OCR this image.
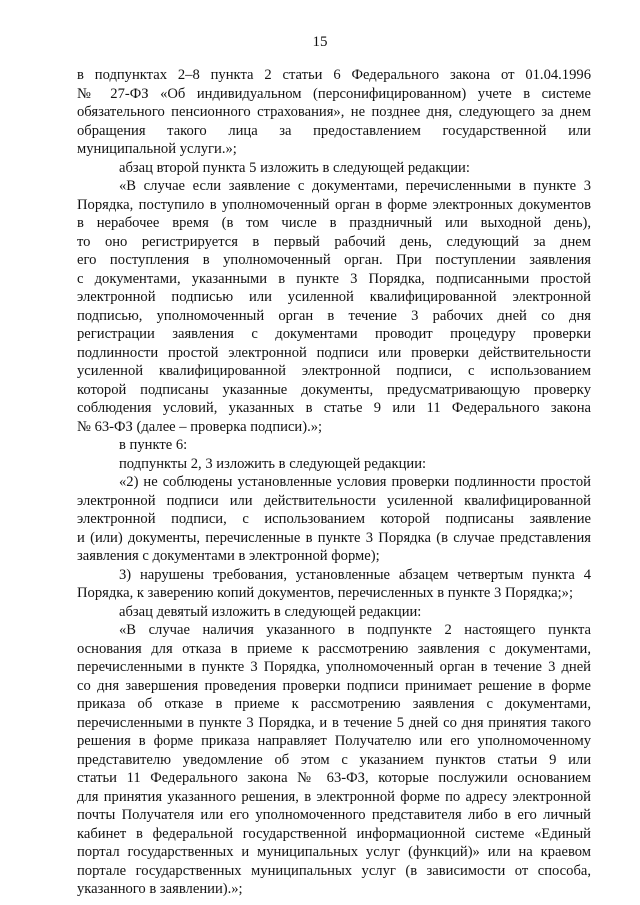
15
в подпунктах 2–8 пункта 2 статьи 6 Федерального закона от 01.04.1996
№ 27-ФЗ «Об индивидуальном (персонифицированном) учете в системе
обязательного пенсионного страхования», не позднее дня, следующего за днем
обращения такого лица за предоставлением государственной или
муниципальной услуги.»;
абзац второй пункта 5 изложить в следующей редакции:
«В случае если заявление с документами, перечисленными в пункте 3
Порядка, поступило в уполномоченный орган в форме электронных документов
в нерабочее время (в том числе в праздничный или выходной день),
то оно регистрируется в первый рабочий день, следующий за днем
его поступления в уполномоченный орган. При поступлении заявления
с документами, указанными в пункте 3 Порядка, подписанными простой
электронной подписью или усиленной квалифицированной электронной
подписью, уполномоченный орган в течение 3 рабочих дней со дня
регистрации заявления с документами проводит процедуру проверки
подлинности простой электронной подписи или проверки действительности
усиленной квалифицированной электронной подписи, с использованием
которой подписаны указанные документы, предусматривающую проверку
соблюдения условий, указанных в статье 9 или 11 Федерального закона
№ 63-ФЗ (далее – проверка подписи).»;
в пункте 6:
подпункты 2, 3 изложить в следующей редакции:
«2) не соблюдены установленные условия проверки подлинности простой
электронной подписи или действительности усиленной квалифицированной
электронной подписи, с использованием которой подписаны заявление
и (или) документы, перечисленные в пункте 3 Порядка (в случае представления
заявления с документами в электронной форме);
3) нарушены требования, установленные абзацем четвертым пункта 4
Порядка, к заверению копий документов, перечисленных в пункте 3 Порядка;»;
абзац девятый изложить в следующей редакции:
«В случае наличия указанного в подпункте 2 настоящего пункта
основания для отказа в приеме к рассмотрению заявления с документами,
перечисленными в пункте 3 Порядка, уполномоченный орган в течение 3 дней
со дня завершения проведения проверки подписи принимает решение в форме
приказа об отказе в приеме к рассмотрению заявления с документами,
перечисленными в пункте 3 Порядка, и в течение 5 дней со дня принятия такого
решения в форме приказа направляет Получателю или его уполномоченному
представителю уведомление об этом с указанием пунктов статьи 9 или
статьи 11 Федерального закона № 63-ФЗ, которые послужили основанием
для принятия указанного решения, в электронной форме по адресу электронной
почты Получателя или его уполномоченного представителя либо в его личный
кабинет в федеральной государственной информационной системе «Единый
портал государственных и муниципальных услуг (функций)» или на краевом
портале государственных муниципальных услуг (в зависимости от способа,
указанного в заявлении).»;
